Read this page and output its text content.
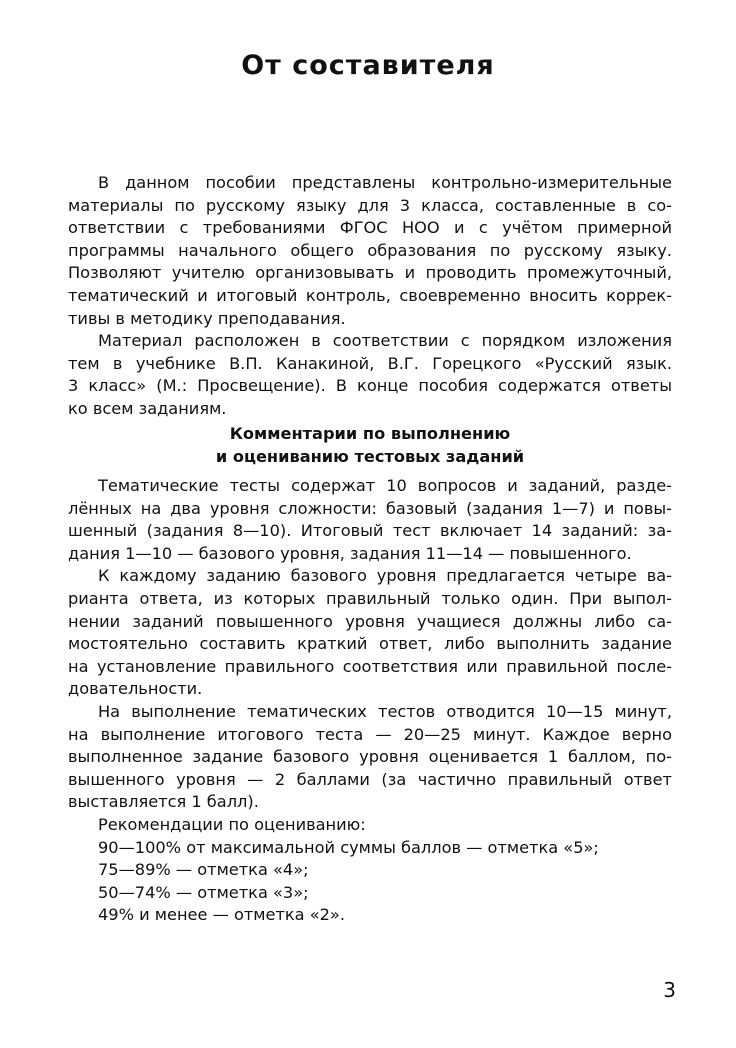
От составителя
В данном пособии представлены контрольно-измерительные
материалы по русскому языку для 3 класса, составленные в со-
ответствии с требованиями ФГОС НОО и с учётом примерной
программы начального общего образования по русскому языку.
Позволяют учителю организовывать и проводить промежуточный,
тематический и итоговый контроль, своевременно вносить коррек-
тивы в методику преподавания.
Материал расположен в соответствии с порядком изложения
тем в учебнике В.П. Канакиной, В.Г. Горецкого «Русский язык.
3 класс» (М.: Просвещение). В конце пособия содержатся ответы
ко всем заданиям.
Комментарии по выполнению
и оцениванию тестовых заданий
Тематические тесты содержат 10 вопросов и заданий, разде-
лённых на два уровня сложности: базовый (задания 1—7) и повы-
шенный (задания 8—10). Итоговый тест включает 14 заданий: за-
дания 1—10 — базового уровня, задания 11—14 — повышенного.
К каждому заданию базового уровня предлагается четыре ва-
рианта ответа, из которых правильный только один. При выпол-
нении заданий повышенного уровня учащиеся должны либо са-
мостоятельно составить краткий ответ, либо выполнить задание
на установление правильного соответствия или правильной после-
довательности.
На выполнение тематических тестов отводится 10—15 минут,
на выполнение итогового теста — 20—25 минут. Каждое верно
выполненное задание базового уровня оценивается 1 баллом, по-
вышенного уровня — 2 баллами (за частично правильный ответ
выставляется 1 балл).
Рекомендации по оцениванию:
90—100% от максимальной суммы баллов — отметка «5»;
75—89% — отметка «4»;
50—74% — отметка «3»;
49% и менее — отметка «2».
3
